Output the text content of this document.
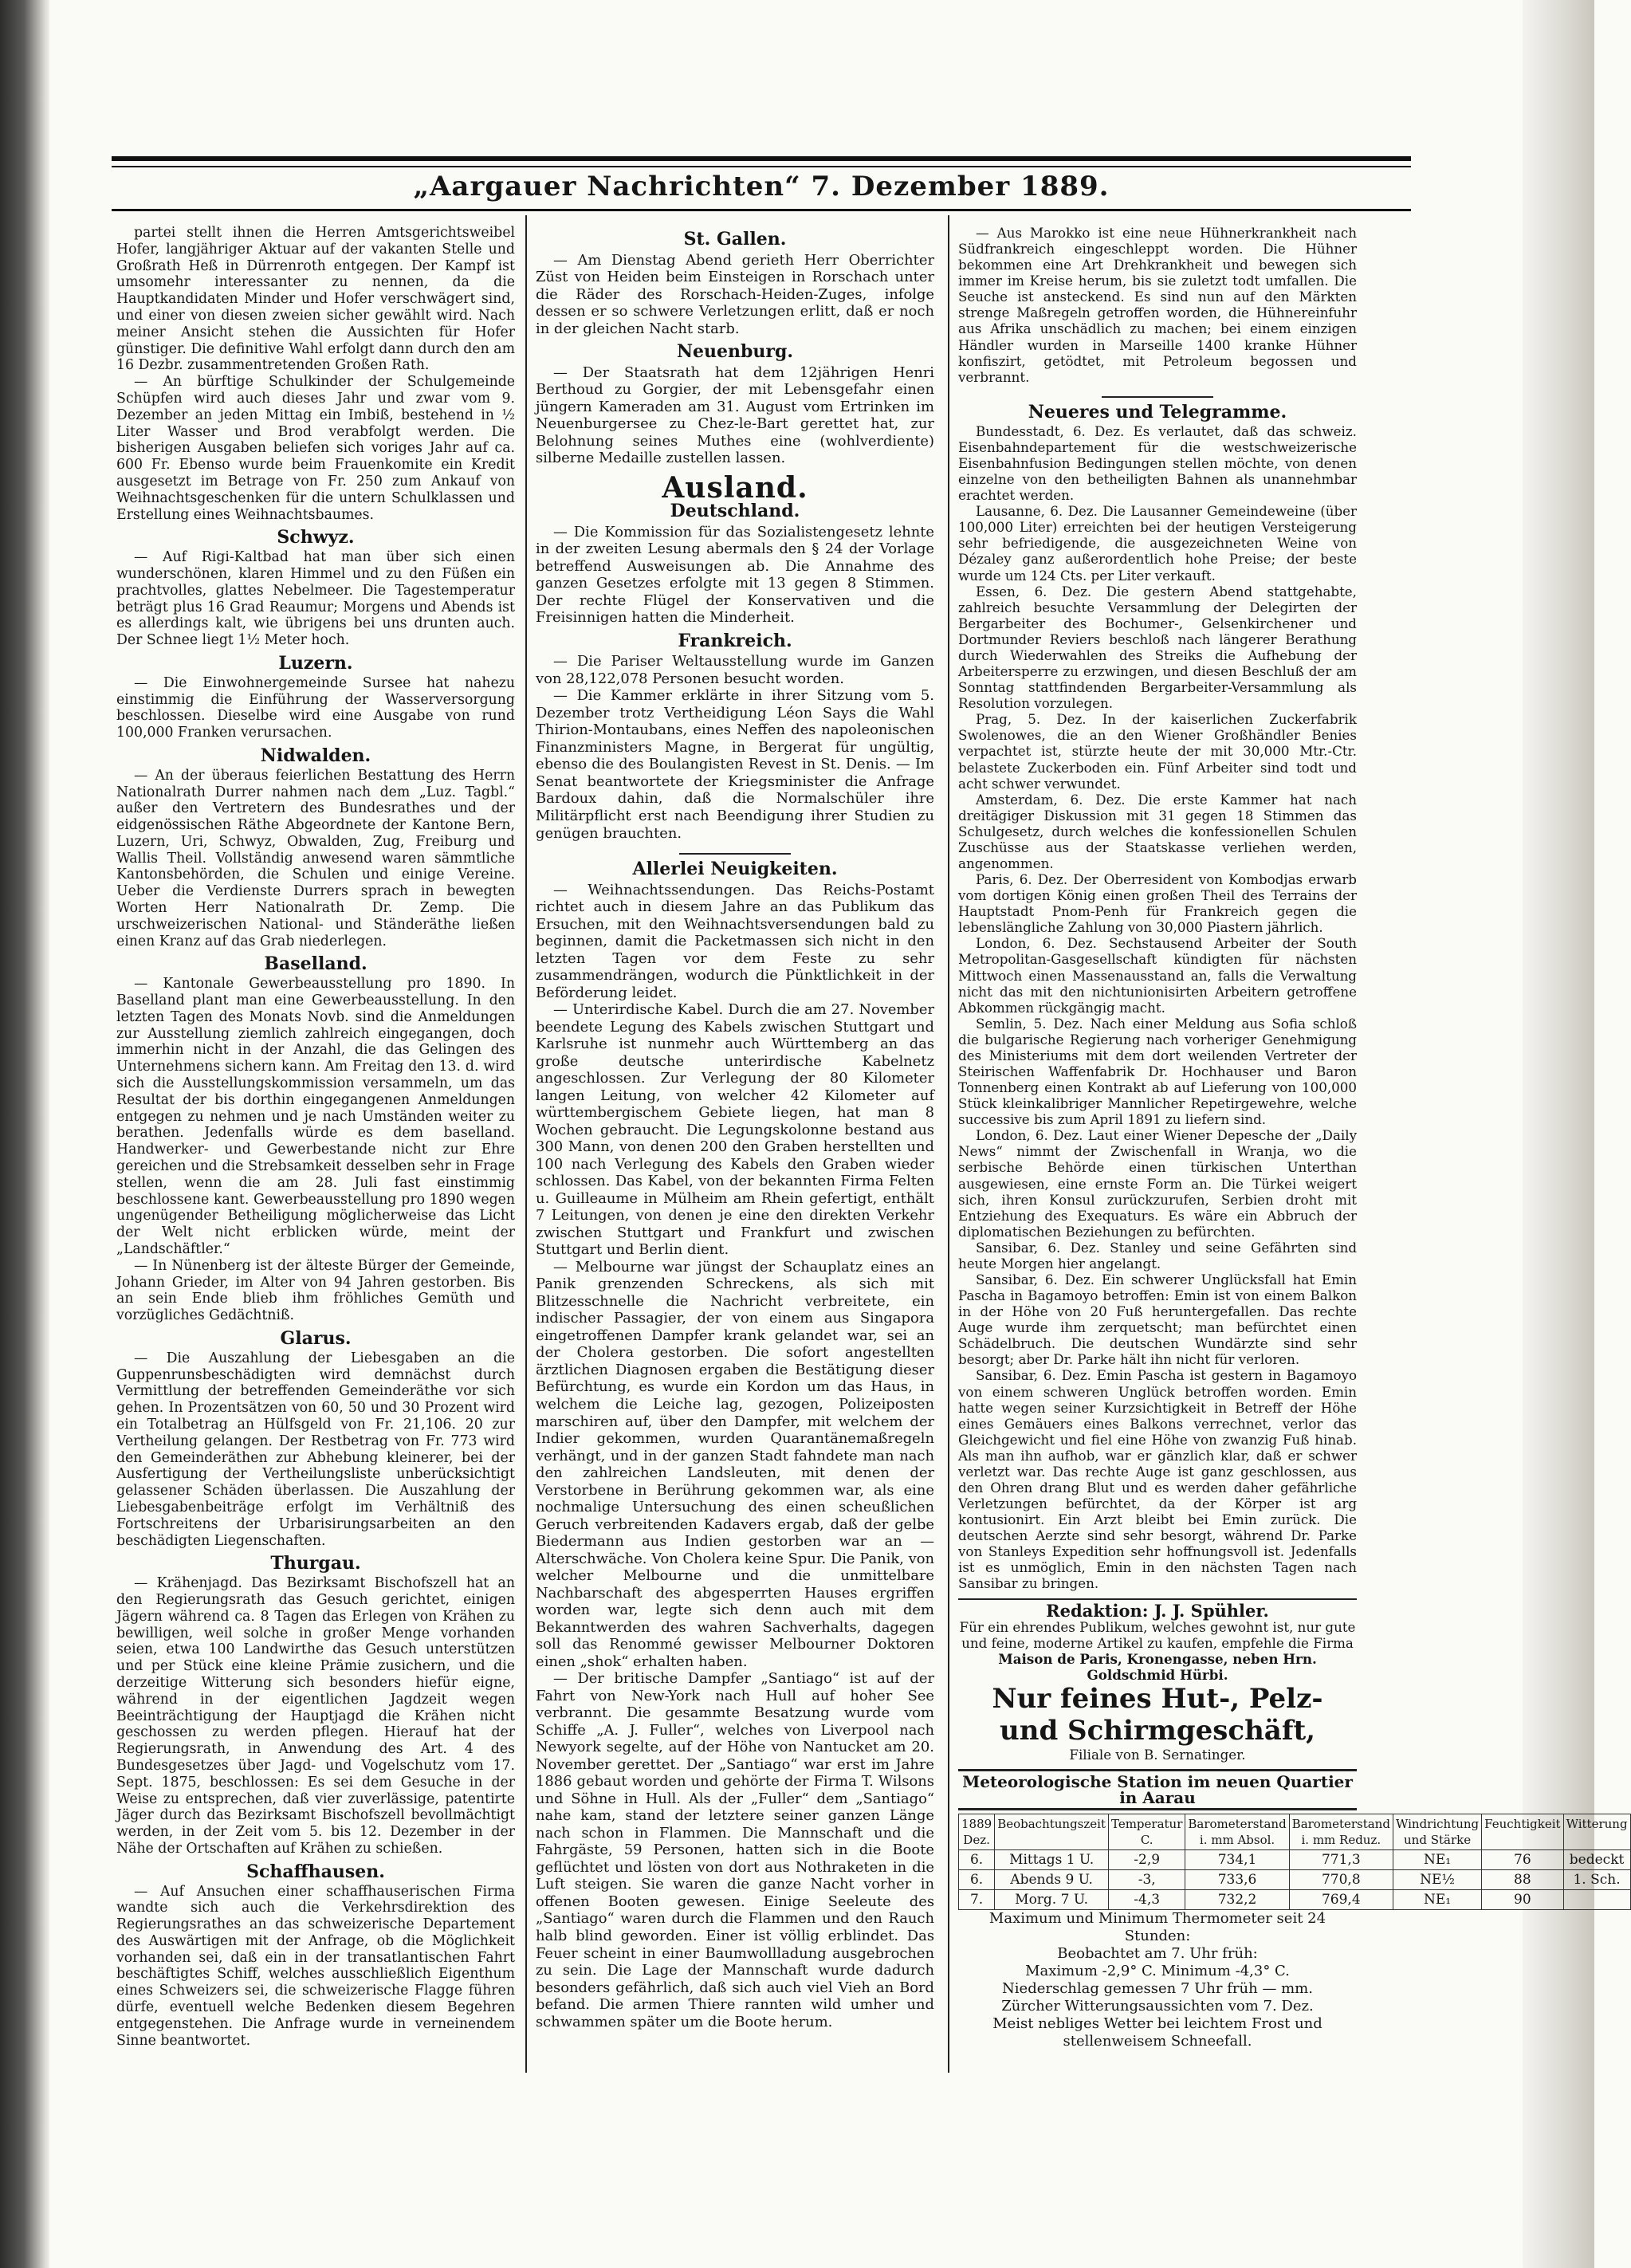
„Aargauer Nachrichten“ 7. Dezember 1889.

partei stellt ihnen die Herren Amtsgerichtsweibel Hofer, langjähriger Aktuar auf der vakanten Stelle und Großrath Heß in Dürrenroth entgegen. Der Kampf ist umsomehr interessanter zu nennen, da die Hauptkandidaten Minder und Hofer verschwägert sind, und einer von diesen zweien sicher gewählt wird. Nach meiner Ansicht stehen die Aussichten für Hofer günstiger. Die definitive Wahl erfolgt dann durch den am 16 Dezbr. zusammentretenden Großen Rath.

— An bürftige Schulkinder der Schulgemeinde Schüpfen wird auch dieses Jahr und zwar vom 9. Dezember an jeden Mittag ein Imbiß, bestehend in ½ Liter Wasser und Brod verabfolgt werden. Die bisherigen Ausgaben beliefen sich voriges Jahr auf ca. 600 Fr. Ebenso wurde beim Frauenkomite ein Kredit ausgesetzt im Betrage von Fr. 250 zum Ankauf von Weihnachtsgeschenken für die untern Schulklassen und Erstellung eines Weihnachtsbaumes.

Schwyz.

— Auf Rigi-Kaltbad hat man über sich einen wunderschönen, klaren Himmel und zu den Füßen ein prachtvolles, glattes Nebelmeer. Die Tagestemperatur beträgt plus 16 Grad Reaumur; Morgens und Abends ist es allerdings kalt, wie übrigens bei uns drunten auch. Der Schnee liegt 1½ Meter hoch.

Luzern.

— Die Einwohnergemeinde Sursee hat nahezu einstimmig die Einführung der Wasserversorgung beschlossen. Dieselbe wird eine Ausgabe von rund 100,000 Franken verursachen.

Nidwalden.

— An der überaus feierlichen Bestattung des Herrn Nationalrath Durrer nahmen nach dem „Luz. Tagbl.“ außer den Vertretern des Bundesrathes und der eidgenössischen Räthe Abgeordnete der Kantone Bern, Luzern, Uri, Schwyz, Obwalden, Zug, Freiburg und Wallis Theil. Vollständig anwesend waren sämmtliche Kantonsbehörden, die Schulen und einige Vereine. Ueber die Verdienste Durrers sprach in bewegten Worten Herr Nationalrath Dr. Zemp. Die urschweizerischen National- und Ständeräthe ließen einen Kranz auf das Grab niederlegen.

Baselland.

— Kantonale Gewerbeausstellung pro 1890. In Baselland plant man eine Gewerbeausstellung. In den letzten Tagen des Monats Novb. sind die Anmeldungen zur Ausstellung ziemlich zahlreich eingegangen, doch immerhin nicht in der Anzahl, die das Gelingen des Unternehmens sichern kann. Am Freitag den 13. d. wird sich die Ausstellungskommission versammeln, um das Resultat der bis dorthin eingegangenen Anmeldungen entgegen zu nehmen und je nach Umständen weiter zu berathen. Jedenfalls würde es dem baselland. Handwerker- und Gewerbestande nicht zur Ehre gereichen und die Strebsamkeit desselben sehr in Frage stellen, wenn die am 28. Juli fast einstimmig beschlossene kant. Gewerbeausstellung pro 1890 wegen ungenügender Betheiligung möglicherweise das Licht der Welt nicht erblicken würde, meint der „Landschäftler.“

— In Nünenberg ist der älteste Bürger der Gemeinde, Johann Grieder, im Alter von 94 Jahren gestorben. Bis an sein Ende blieb ihm fröhliches Gemüth und vorzügliches Gedächtniß.

Glarus.

— Die Auszahlung der Liebesgaben an die Guppenrunsbeschädigten wird demnächst durch Vermittlung der betreffenden Gemeinderäthe vor sich gehen. In Prozentsätzen von 60, 50 und 30 Prozent wird ein Totalbetrag an Hülfsgeld von Fr. 21,106. 20 zur Vertheilung gelangen. Der Restbetrag von Fr. 773 wird den Gemeinderäthen zur Abhebung kleinerer, bei der Ausfertigung der Vertheilungsliste unberücksichtigt gelassener Schäden überlassen. Die Auszahlung der Liebesgabenbeiträge erfolgt im Verhältniß des Fortschreitens der Urbarisirungsarbeiten an den beschädigten Liegenschaften.

Thurgau.

— Krähenjagd. Das Bezirksamt Bischofszell hat an den Regierungsrath das Gesuch gerichtet, einigen Jägern während ca. 8 Tagen das Erlegen von Krähen zu bewilligen, weil solche in großer Menge vorhanden seien, etwa 100 Landwirthe das Gesuch unterstützen und per Stück eine kleine Prämie zusichern, und die derzeitige Witterung sich besonders hiefür eigne, während in der eigentlichen Jagdzeit wegen Beeinträchtigung der Hauptjagd die Krähen nicht geschossen zu werden pflegen. Hierauf hat der Regierungsrath, in Anwendung des Art. 4 des Bundesgesetzes über Jagd- und Vogelschutz vom 17. Sept. 1875, beschlossen: Es sei dem Gesuche in der Weise zu entsprechen, daß vier zuverlässige, patentirte Jäger durch das Bezirksamt Bischofszell bevollmächtigt werden, in der Zeit vom 5. bis 12. Dezember in der Nähe der Ortschaften auf Krähen zu schießen.

Schaffhausen.

— Auf Ansuchen einer schaffhauserischen Firma wandte sich auch die Verkehrsdirektion des Regierungsrathes an das schweizerische Departement des Auswärtigen mit der Anfrage, ob die Möglichkeit vorhanden sei, daß ein in der transatlantischen Fahrt beschäftigtes Schiff, welches ausschließlich Eigenthum eines Schweizers sei, die schweizerische Flagge führen dürfe, eventuell welche Bedenken diesem Begehren entgegenstehen. Die Anfrage wurde in verneinendem Sinne beantwortet.

St. Gallen.

— Am Dienstag Abend gerieth Herr Oberrichter Züst von Heiden beim Einsteigen in Rorschach unter die Räder des Rorschach-Heiden-Zuges, infolge dessen er so schwere Verletzungen erlitt, daß er noch in der gleichen Nacht starb.

Neuenburg.

— Der Staatsrath hat dem 12jährigen Henri Berthoud zu Gorgier, der mit Lebensgefahr einen jüngern Kameraden am 31. August vom Ertrinken im Neuenburgersee zu Chez-le-Bart gerettet hat, zur Belohnung seines Muthes eine (wohlverdiente) silberne Medaille zustellen lassen.

Ausland.
Deutschland.

— Die Kommission für das Sozialistengesetz lehnte in der zweiten Lesung abermals den § 24 der Vorlage betreffend Ausweisungen ab. Die Annahme des ganzen Gesetzes erfolgte mit 13 gegen 8 Stimmen. Der rechte Flügel der Konservativen und die Freisinnigen hatten die Minderheit.

Frankreich.

— Die Pariser Weltausstellung wurde im Ganzen von 28,122,078 Personen besucht worden.

— Die Kammer erklärte in ihrer Sitzung vom 5. Dezember trotz Vertheidigung Léon Says die Wahl Thirion-Montaubans, eines Neffen des napoleonischen Finanzministers Magne, in Bergerat für ungültig, ebenso die des Boulangisten Revest in St. Denis. — Im Senat beantwortete der Kriegsminister die Anfrage Bardoux dahin, daß die Normalschüler ihre Militärpflicht erst nach Beendigung ihrer Studien zu genügen brauchten.

Allerlei Neuigkeiten.

— Weihnachtssendungen. Das Reichs-Postamt richtet auch in diesem Jahre an das Publikum das Ersuchen, mit den Weihnachtsversendungen bald zu beginnen, damit die Packetmassen sich nicht in den letzten Tagen vor dem Feste zu sehr zusammendrängen, wodurch die Pünktlichkeit in der Beförderung leidet.

— Unterirdische Kabel. Durch die am 27. November beendete Legung des Kabels zwischen Stuttgart und Karlsruhe ist nunmehr auch Württemberg an das große deutsche unterirdische Kabelnetz angeschlossen. Zur Verlegung der 80 Kilometer langen Leitung, von welcher 42 Kilometer auf württembergischem Gebiete liegen, hat man 8 Wochen gebraucht. Die Legungskolonne bestand aus 300 Mann, von denen 200 den Graben herstellten und 100 nach Verlegung des Kabels den Graben wieder schlossen. Das Kabel, von der bekannten Firma Felten u. Guilleaume in Mülheim am Rhein gefertigt, enthält 7 Leitungen, von denen je eine den direkten Verkehr zwischen Stuttgart und Frankfurt und zwischen Stuttgart und Berlin dient.

— Melbourne war jüngst der Schauplatz eines an Panik grenzenden Schreckens, als sich mit Blitzesschnelle die Nachricht verbreitete, ein indischer Passagier, der von einem aus Singapora eingetroffenen Dampfer krank gelandet war, sei an der Cholera gestorben. Die sofort angestellten ärztlichen Diagnosen ergaben die Bestätigung dieser Befürchtung, es wurde ein Kordon um das Haus, in welchem die Leiche lag, gezogen, Polizeiposten marschiren auf, über den Dampfer, mit welchem der Indier gekommen, wurden Quarantänemaßregeln verhängt, und in der ganzen Stadt fahndete man nach den zahlreichen Landsleuten, mit denen der Verstorbene in Berührung gekommen war, als eine nochmalige Untersuchung des einen scheußlichen Geruch verbreitenden Kadavers ergab, daß der gelbe Biedermann aus Indien gestorben war an — Alterschwäche. Von Cholera keine Spur. Die Panik, von welcher Melbourne und die unmittelbare Nachbarschaft des abgesperrten Hauses ergriffen worden war, legte sich denn auch mit dem Bekanntwerden des wahren Sachverhalts, dagegen soll das Renommé gewisser Melbourner Doktoren einen „shok“ erhalten haben.

— Der britische Dampfer „Santiago“ ist auf der Fahrt von New-York nach Hull auf hoher See verbrannt. Die gesammte Besatzung wurde vom Schiffe „A. J. Fuller“, welches von Liverpool nach Newyork segelte, auf der Höhe von Nantucket am 20. November gerettet. Der „Santiago“ war erst im Jahre 1886 gebaut worden und gehörte der Firma T. Wilsons und Söhne in Hull. Als der „Fuller“ dem „Santiago“ nahe kam, stand der letztere seiner ganzen Länge nach schon in Flammen. Die Mannschaft und die Fahrgäste, 59 Personen, hatten sich in die Boote geflüchtet und lösten von dort aus Nothraketen in die Luft steigen. Sie waren die ganze Nacht vorher in offenen Booten gewesen. Einige Seeleute des „Santiago“ waren durch die Flammen und den Rauch halb blind geworden. Einer ist völlig erblindet. Das Feuer scheint in einer Baumwollladung ausgebrochen zu sein. Die Lage der Mannschaft wurde dadurch besonders gefährlich, daß sich auch viel Vieh an Bord befand. Die armen Thiere rannten wild umher und schwammen später um die Boote herum.

— Aus Marokko ist eine neue Hühnerkrankheit nach Südfrankreich eingeschleppt worden. Die Hühner bekommen eine Art Drehkrankheit und bewegen sich immer im Kreise herum, bis sie zuletzt todt umfallen. Die Seuche ist ansteckend. Es sind nun auf den Märkten strenge Maßregeln getroffen worden, die Hühnereinfuhr aus Afrika unschädlich zu machen; bei einem einzigen Händler wurden in Marseille 1400 kranke Hühner konfiszirt, getödtet, mit Petroleum begossen und verbrannt.

Neueres und Telegramme.

Bundesstadt, 6. Dez. Es verlautet, daß das schweiz. Eisenbahndepartement für die westschweizerische Eisenbahnfusion Bedingungen stellen möchte, von denen einzelne von den betheiligten Bahnen als unannehmbar erachtet werden.

Lausanne, 6. Dez. Die Lausanner Gemeindeweine (über 100,000 Liter) erreichten bei der heutigen Versteigerung sehr befriedigende, die ausgezeichneten Weine von Dézaley ganz außerordentlich hohe Preise; der beste wurde um 124 Cts. per Liter verkauft.

Essen, 6. Dez. Die gestern Abend stattgehabte, zahlreich besuchte Versammlung der Delegirten der Bergarbeiter des Bochumer-, Gelsenkirchener und Dortmunder Reviers beschloß nach längerer Berathung durch Wiederwahlen des Streiks die Aufhebung der Arbeitersperre zu erzwingen, und diesen Beschluß der am Sonntag stattfindenden Bergarbeiter-Versammlung als Resolution vorzulegen.

Prag, 5. Dez. In der kaiserlichen Zuckerfabrik Swolenowes, die an den Wiener Großhändler Benies verpachtet ist, stürzte heute der mit 30,000 Mtr.-Ctr. belastete Zuckerboden ein. Fünf Arbeiter sind todt und acht schwer verwundet.

Amsterdam, 6. Dez. Die erste Kammer hat nach dreitägiger Diskussion mit 31 gegen 18 Stimmen das Schulgesetz, durch welches die konfessionellen Schulen Zuschüsse aus der Staatskasse verliehen werden, angenommen.

Paris, 6. Dez. Der Oberresident von Kombodjas erwarb vom dortigen König einen großen Theil des Terrains der Hauptstadt Pnom-Penh für Frankreich gegen die lebenslängliche Zahlung von 30,000 Piastern jährlich.

London, 6. Dez. Sechstausend Arbeiter der South Metropolitan-Gasgesellschaft kündigten für nächsten Mittwoch einen Massenausstand an, falls die Verwaltung nicht das mit den nichtunionisirten Arbeitern getroffene Abkommen rückgängig macht.

Semlin, 5. Dez. Nach einer Meldung aus Sofia schloß die bulgarische Regierung nach vorheriger Genehmigung des Ministeriums mit dem dort weilenden Vertreter der Steirischen Waffenfabrik Dr. Hochhauser und Baron Tonnenberg einen Kontrakt ab auf Lieferung von 100,000 Stück kleinkalibriger Mannlicher Repetirgewehre, welche successive bis zum April 1891 zu liefern sind.

London, 6. Dez. Laut einer Wiener Depesche der „Daily News“ nimmt der Zwischenfall in Wranja, wo die serbische Behörde einen türkischen Unterthan ausgewiesen, eine ernste Form an. Die Türkei weigert sich, ihren Konsul zurückzurufen, Serbien droht mit Entziehung des Exequaturs. Es wäre ein Abbruch der diplomatischen Beziehungen zu befürchten.

Sansibar, 6. Dez. Stanley und seine Gefährten sind heute Morgen hier angelangt.

Sansibar, 6. Dez. Ein schwerer Unglücksfall hat Emin Pascha in Bagamoyo betroffen: Emin ist von einem Balkon in der Höhe von 20 Fuß heruntergefallen. Das rechte Auge wurde ihm zerquetscht; man befürchtet einen Schädelbruch. Die deutschen Wundärzte sind sehr besorgt; aber Dr. Parke hält ihn nicht für verloren.

Sansibar, 6. Dez. Emin Pascha ist gestern in Bagamoyo von einem schweren Unglück betroffen worden. Emin hatte wegen seiner Kurzsichtigkeit in Betreff der Höhe eines Gemäuers eines Balkons verrechnet, verlor das Gleichgewicht und fiel eine Höhe von zwanzig Fuß hinab. Als man ihn aufhob, war er gänzlich klar, daß er schwer verletzt war. Das rechte Auge ist ganz geschlossen, aus den Ohren drang Blut und es werden daher gefährliche Verletzungen befürchtet, da der Körper ist arg kontusionirt. Ein Arzt bleibt bei Emin zurück. Die deutschen Aerzte sind sehr besorgt, während Dr. Parke von Stanleys Expedition sehr hoffnungsvoll ist. Jedenfalls ist es unmöglich, Emin in den nächsten Tagen nach Sansibar zu bringen.

Redaktion: J. J. Spühler.

Für ein ehrendes Publikum, welches gewohnt ist, nur gute und feine, moderne Artikel zu kaufen, empfehle die Firma

Maison de Paris, Kronengasse, neben Hrn. Goldschmid Hürbi.

Nur feines Hut-, Pelz- und Schirmgeschäft,

Filiale von B. Sernatinger.

Meteorologische Station im neuen Quartier in Aarau
1889 Dez.	Beobachtungszeit	Temperatur C.	Barometerstand i. mm Absol.	Barometerstand i. mm Reduz.	Windrichtung und Stärke	Feuchtigkeit	Witterung
6.	Mittags 1 U.	-2,9	734,1	771,3	NE₁	76	bedeckt
6.	Abends 9 U.	-3,	733,6	770,8	NE½	88	1. Sch.
7.	Morg. 7 U.	-4,3	732,2	769,4	NE₁	90	

Maximum und Minimum Thermometer seit 24 Stunden:

Beobachtet am 7. Uhr früh:

Maximum -2,9° C. Minimum -4,3° C.

Niederschlag gemessen 7 Uhr früh — mm.

Zürcher Witterungsaussichten vom 7. Dez.

Meist nebliges Wetter bei leichtem Frost und stellenweisem Schneefall.
